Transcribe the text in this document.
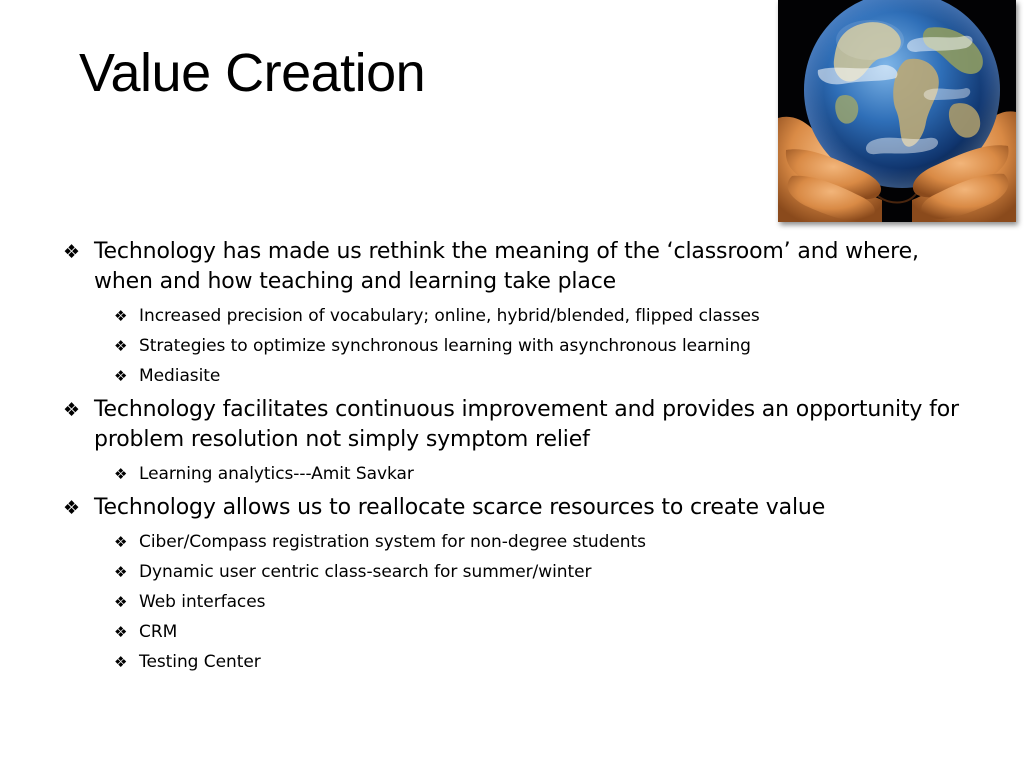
Value Creation
❖ Technology has made us rethink the meaning of the ‘classroom’ and where,
when and how teaching and learning take place
❖ Increased precision of vocabulary; online, hybrid/blended, flipped classes
❖ Strategies to optimize synchronous learning with asynchronous learning
❖ Mediasite
❖ Technology facilitates continuous improvement and provides an opportunity for
problem resolution not simply symptom relief
❖ Learning analytics---Amit Savkar
❖ Technology allows us to reallocate scarce resources to create value
❖ Ciber/Compass registration system for non-degree students
❖ Dynamic user centric class-search for summer/winter
❖ Web interfaces
❖ CRM
❖ Testing Center
